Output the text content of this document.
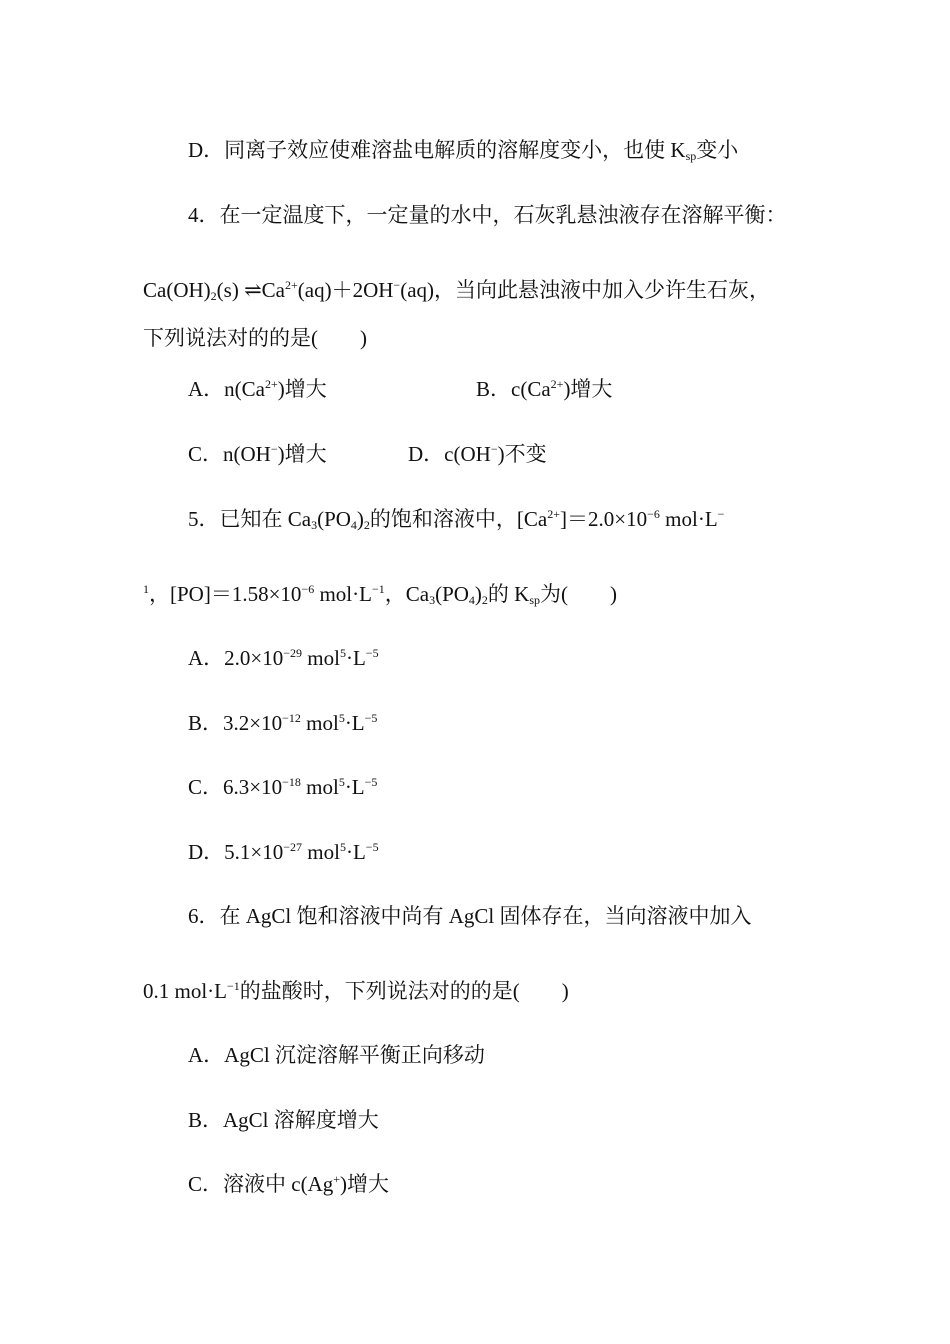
D．同离子效应使难溶盐电解质的溶解度变小，也使 $K_{sp}$变小
4．在一定温度下，一定量的水中，石灰乳悬浊液存在溶解平衡：
$Ca(OH)_2(s)$ $\rightleftharpoons Ca^{2+}(aq)+2OH^-(aq)$，当向此悬浊液中加入少许生石灰，
下列说法对的的是(　　)
A．$n(Ca^{2+})$增大	B．$c(Ca^{2+})$增大
C．n(OH−)增大	D．c(OH−)不变
5．已知在 $Ca_3(PO_4)_2$的饱和溶液中，$[Ca^{2+}]=2.0\times 10^{-6}$ mol·L−
$^1$，$[PO]=1.58\times 10^{-6}$ $mol\cdot L^{-1}$，$Ca_3(PO_4)_2$的 $K_{sp}$为(　　)
A．$2.0\times 10^{-29}$ $mol^5\cdot L^{-5}$
B．$3.2\times 10^{-12}$ $mol^5\cdot L^{-5}$
C．$6.3\times 10^{-18}$ $mol^5\cdot L^{-5}$
D．$5.1\times 10^{-27}$ $mol^5\cdot L^{-5}$
6．在 AgCl 饱和溶液中尚有 AgCl 固体存在，当向溶液中加入
0.1 $mol\cdot L^{-1}$的盐酸时，下列说法对的的是(　　)
A．AgCl 沉淀溶解平衡正向移动
B．AgCl 溶解度增大
C．溶液中 c(Ag+)增大
